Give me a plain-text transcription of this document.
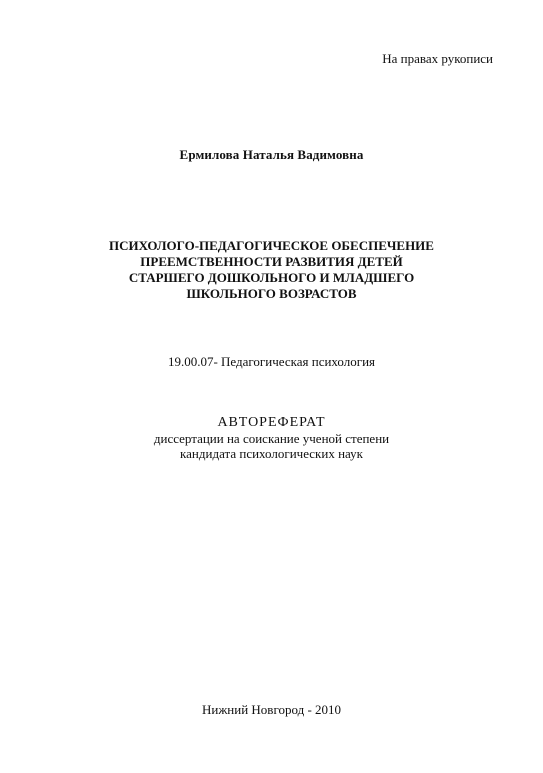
На правах рукописи
Ермилова Наталья Вадимовна
ПСИХОЛОГО-ПЕДАГОГИЧЕСКОЕ ОБЕСПЕЧЕНИЕ
ПРЕЕМСТВЕННОСТИ РАЗВИТИЯ ДЕТЕЙ
СТАРШЕГО ДОШКОЛЬНОГО И МЛАДШЕГО
ШКОЛЬНОГО ВОЗРАСТОВ
19.00.07- Педагогическая психология
АВТОРЕФЕРАТ
диссертации на соискание ученой степени
кандидата психологических наук
Нижний Новгород - 2010
